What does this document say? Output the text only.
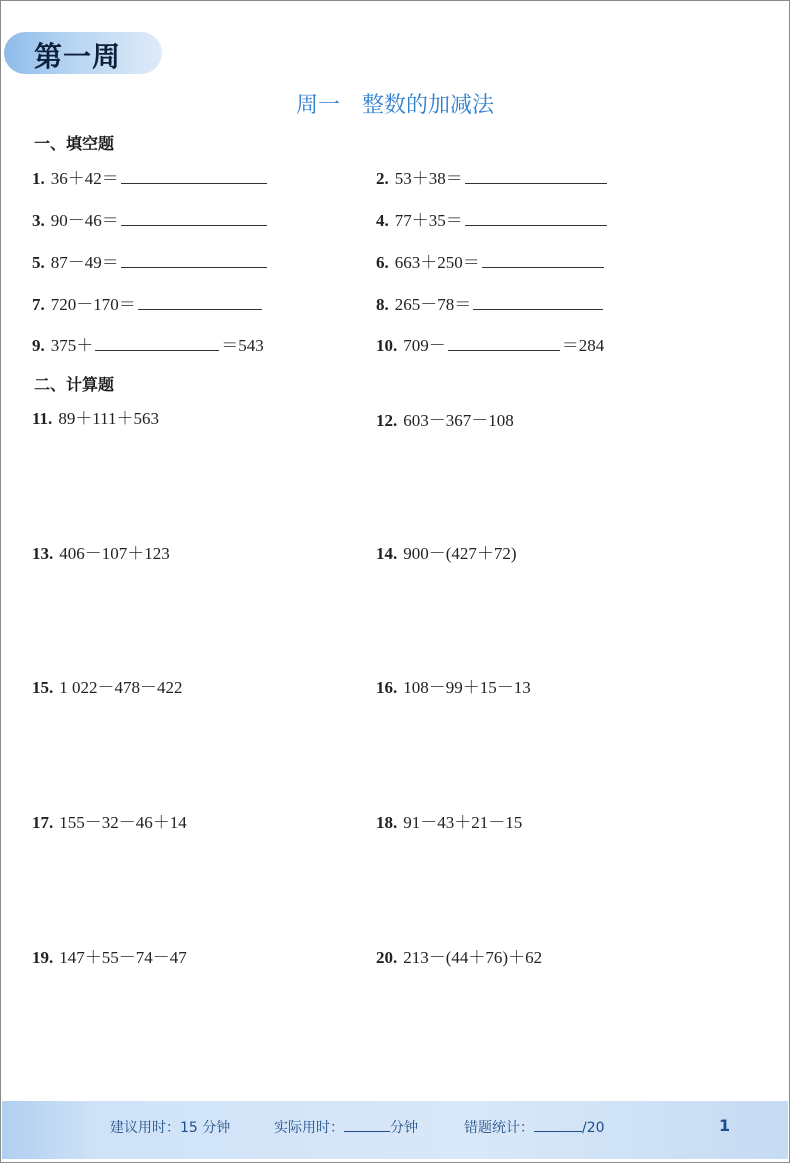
第一周
周一 整数的加减法
一、填空题
1. 36＋42＝	2. 53＋38＝
3. 90－46＝	4. 77＋35＝
5. 87－49＝	6. 663＋250＝
7. 720－170＝	8. 265－78＝
9. 375＋	＝543	10. 709－	＝284
二、计算题
11. 89＋111＋563	12. 603－367－108
13. 406－107＋123	14. 900－(427＋72)
15. 1 022－478－422	16. 108－99＋15－13
17. 155－32－46＋14	18. 91－43＋21－15
19. 147＋55－74－47	20. 213－(44＋76)＋62
建议用时：15 分钟	实际用时：	分钟	错题统计：	/20	1
